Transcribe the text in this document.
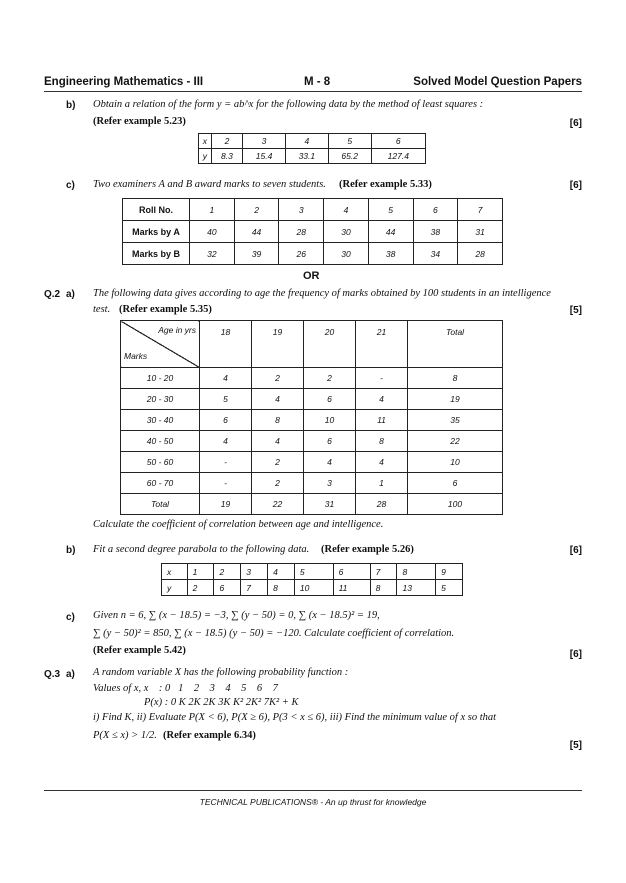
Engineering Mathematics - III	M - 8	Solved Model Question Papers
b) Obtain a relation of the form y = ab^x for the following data by the method of least squares :
(Refer example 5.23)	[6]
x	2	3	4	5	6
y	8.3	15.4	33.1	65.2	127.4
c) Two examiners A and B award marks to seven students. (Refer example 5.33)	[6]
Roll No.	1	2	3	4	5	6	7
Marks by A	40	44	28	30	44	38	31
Marks by B	32	39	26	30	38	34	28
OR
Q.2 a) The following data gives according to age the frequency of marks obtained by 100 students in an intelligence
test. (Refer example 5.35)	[5]
Age in yrs
Marks	18	19	20	21	Total
10 - 20	4	2	2	-	8
20 - 30	5	4	6	4	19
30 - 40	6	8	10	11	35
40 - 50	4	4	6	8	22
50 - 60	-	2	4	4	10
60 - 70	-	2	3	1	6
Total	19	22	31	28	100
Calculate the coefficient of correlation between age and intelligence.
b) Fit a second degree parabola to the following data. (Refer example 5.26)	[6]
x	1	2	3	4	5	6	7	8	9
y	2	6	7	8	10	11	8	13	5
c) Given n = 6, ∑ (x − 18.5) = −3, ∑ (y − 50) = 0, ∑ (x − 18.5)² = 19,
∑ (y − 50)² = 850, ∑ (x − 18.5) (y − 50) = −120. Calculate coefficient of correlation.
(Refer example 5.42)	[6]
Q.3 a) A random variable X has the following probability function :
Values of x, x    : 0   1    2    3    4    5    6    7
P(x) : 0 K 2K 2K 3K K² 2K² 7K² + K
i) Find K, ii) Evaluate P(X < 6), P(X ≥ 6), P(3 < x ≤ 6), iii) Find the minimum value of x so that
P(X ≤ x) > 1/2. (Refer example 6.34)
[5]
TECHNICAL PUBLICATIONS® - An up thrust for knowledge
